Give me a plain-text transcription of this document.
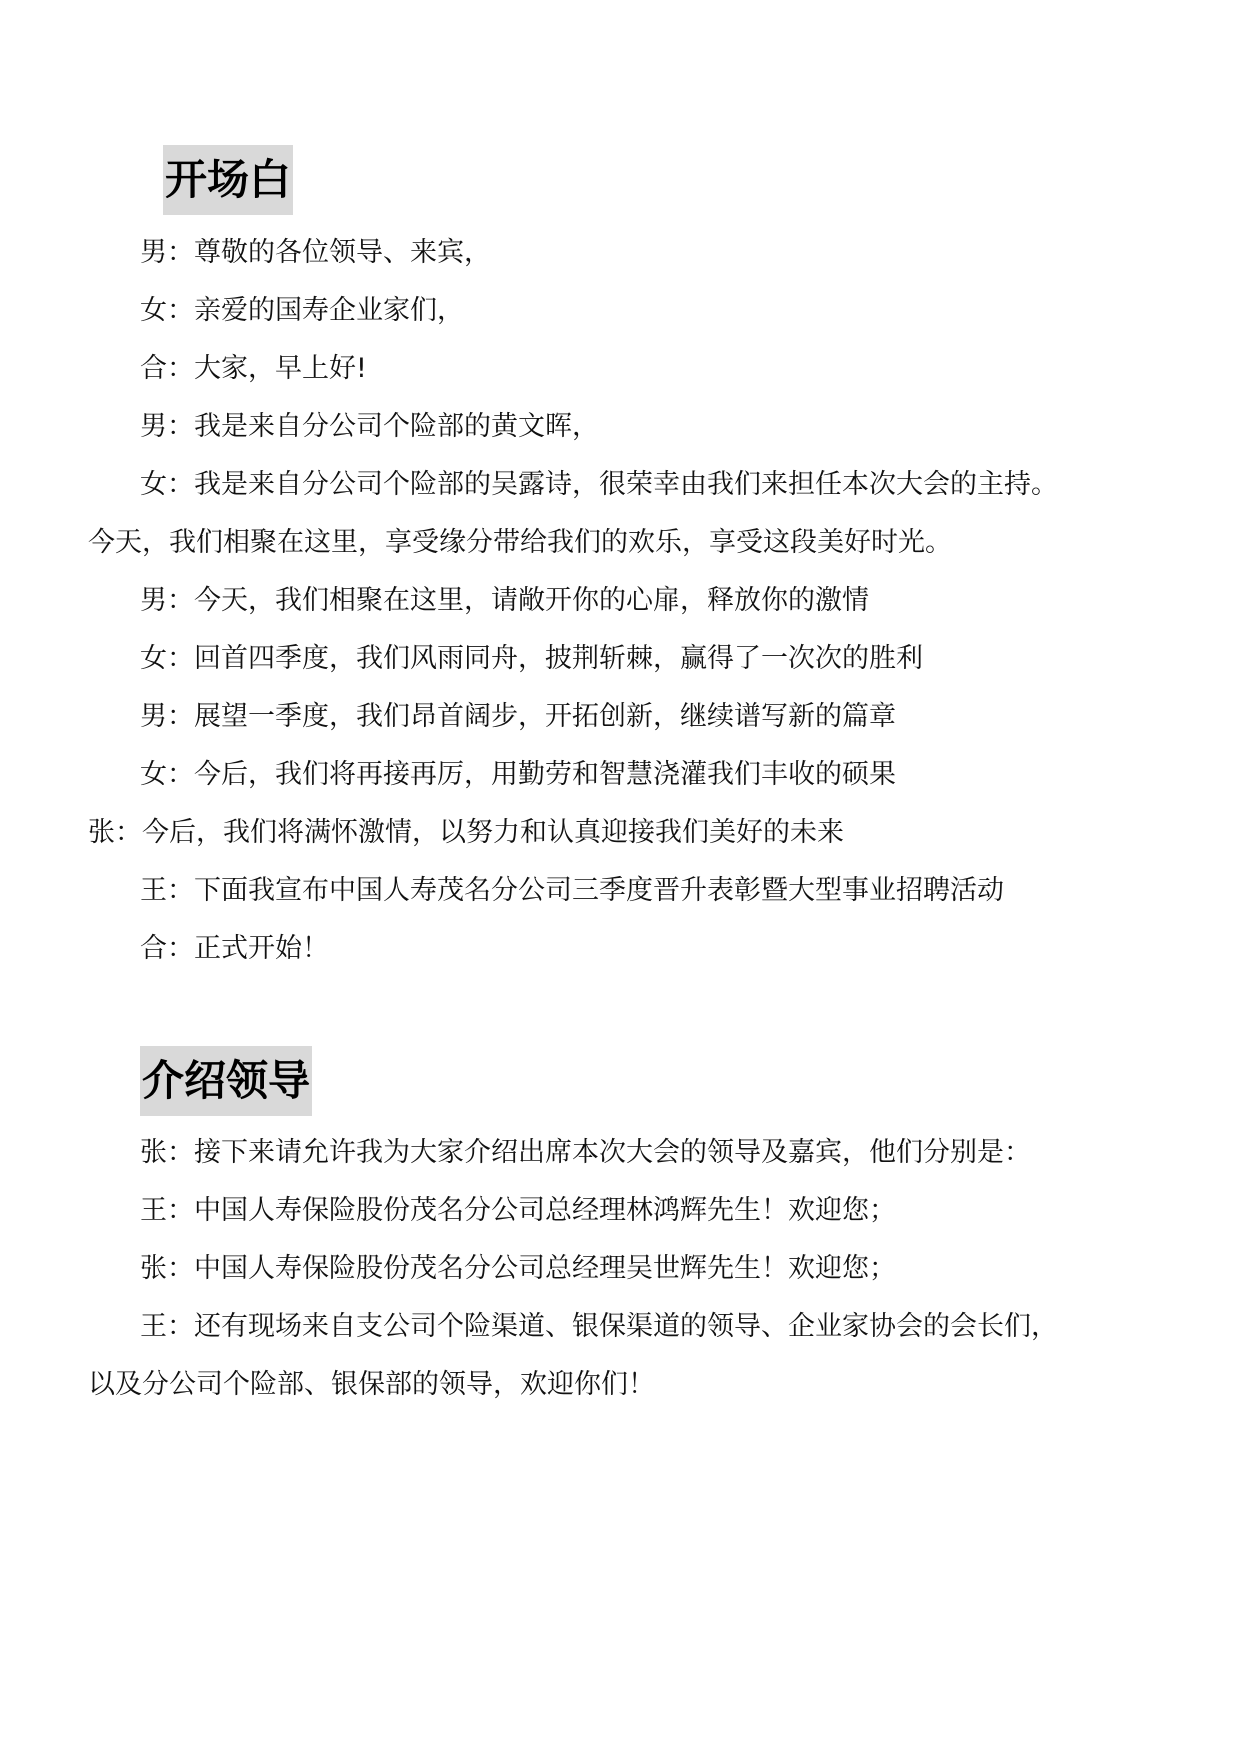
开场白
男：尊敬的各位领导、来宾，
女：亲爱的国寿企业家们，
合：大家，早上好!
男：我是来自分公司个险部的黄文晖，
女：我是来自分公司个险部的吴露诗，很荣幸由我们来担任本次大会的主持。
今天，我们相聚在这里，享受缘分带给我们的欢乐，享受这段美好时光。
男：今天，我们相聚在这里，请敞开你的心扉，释放你的激情
女：回首四季度，我们风雨同舟，披荆斩棘，赢得了一次次的胜利
男：展望一季度，我们昂首阔步，开拓创新，继续谱写新的篇章
女：今后，我们将再接再厉，用勤劳和智慧浇灌我们丰收的硕果
张：今后，我们将满怀激情，以努力和认真迎接我们美好的未来
王：下面我宣布中国人寿茂名分公司三季度晋升表彰暨大型事业招聘活动
合：正式开始！
介绍领导
张：接下来请允许我为大家介绍出席本次大会的领导及嘉宾，他们分别是：
王：中国人寿保险股份茂名分公司总经理林鸿辉先生！欢迎您；
张：中国人寿保险股份茂名分公司总经理吴世辉先生！欢迎您；
王：还有现场来自支公司个险渠道、银保渠道的领导、企业家协会的会长们，
以及分公司个险部、银保部的领导，欢迎你们！
